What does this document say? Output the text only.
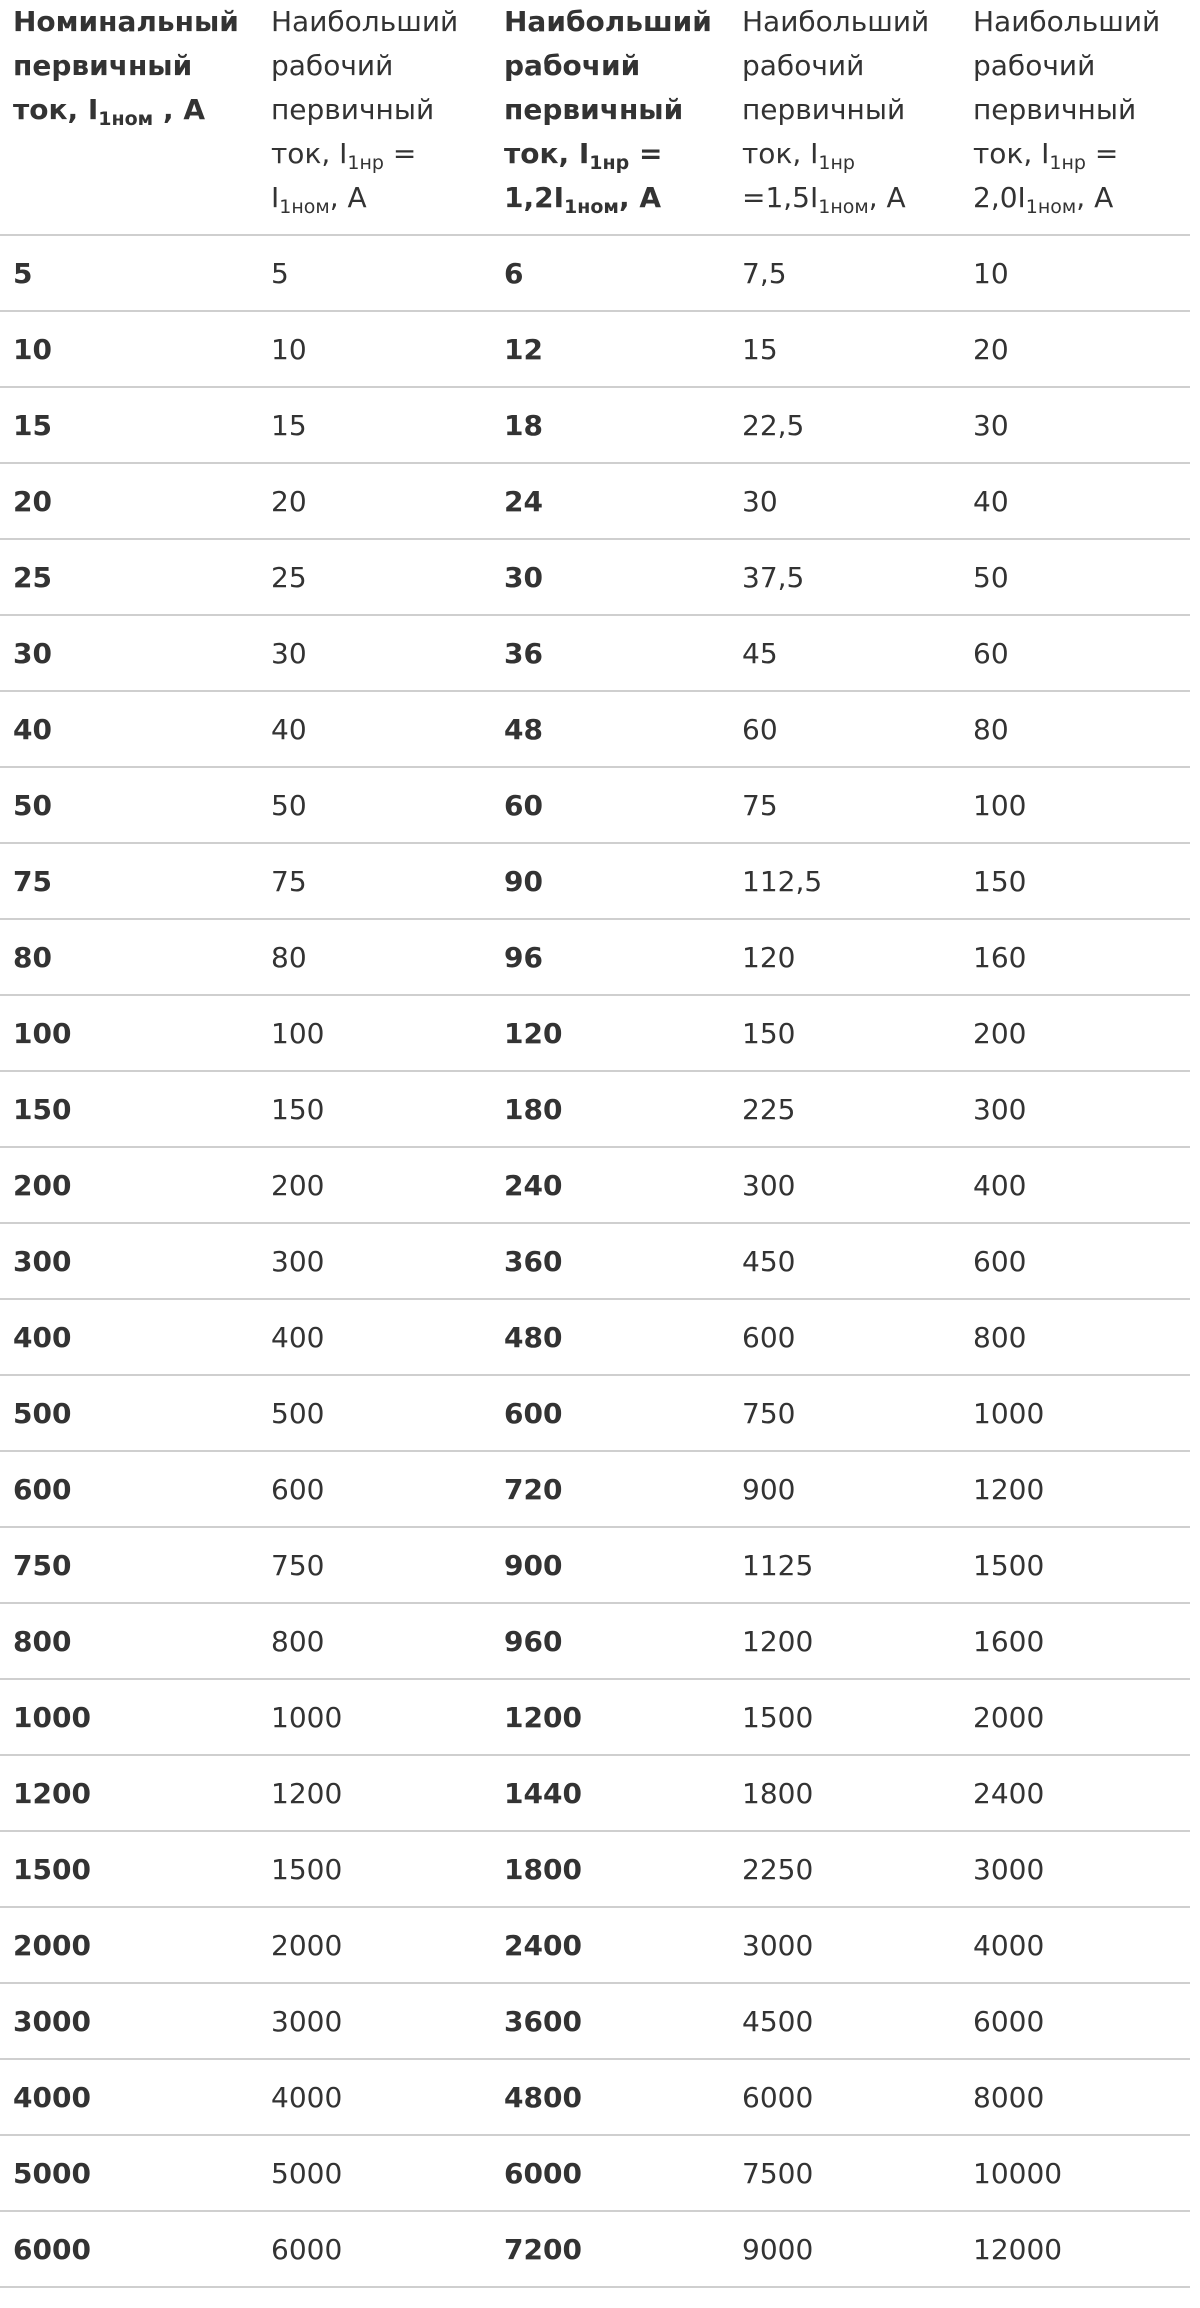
Номинальный первичный ток, $I_{1ном}$ , А	Наибольший рабочий первичный ток, $I_{1нр} = I_{1ном}$, А	Наибольший рабочий первичный ток, $I_{1нр} = 1,2I_{1ном}$, А	Наибольший рабочий первичный ток, $I_{1нр} =1,5I_{1ном}$, А	Наибольший рабочий первичный ток, $I_{1нр} = 2,0I_{1ном}$, А
5	5	6	7,5	10
10	10	12	15	20
15	15	18	22,5	30
20	20	24	30	40
25	25	30	37,5	50
30	30	36	45	60
40	40	48	60	80
50	50	60	75	100
75	75	90	112,5	150
80	80	96	120	160
100	100	120	150	200
150	150	180	225	300
200	200	240	300	400
300	300	360	450	600
400	400	480	600	800
500	500	600	750	1000
600	600	720	900	1200
750	750	900	1125	1500
800	800	960	1200	1600
1000	1000	1200	1500	2000
1200	1200	1440	1800	2400
1500	1500	1800	2250	3000
2000	2000	2400	3000	4000
3000	3000	3600	4500	6000
4000	4000	4800	6000	8000
5000	5000	6000	7500	10000
6000	6000	7200	9000	12000
